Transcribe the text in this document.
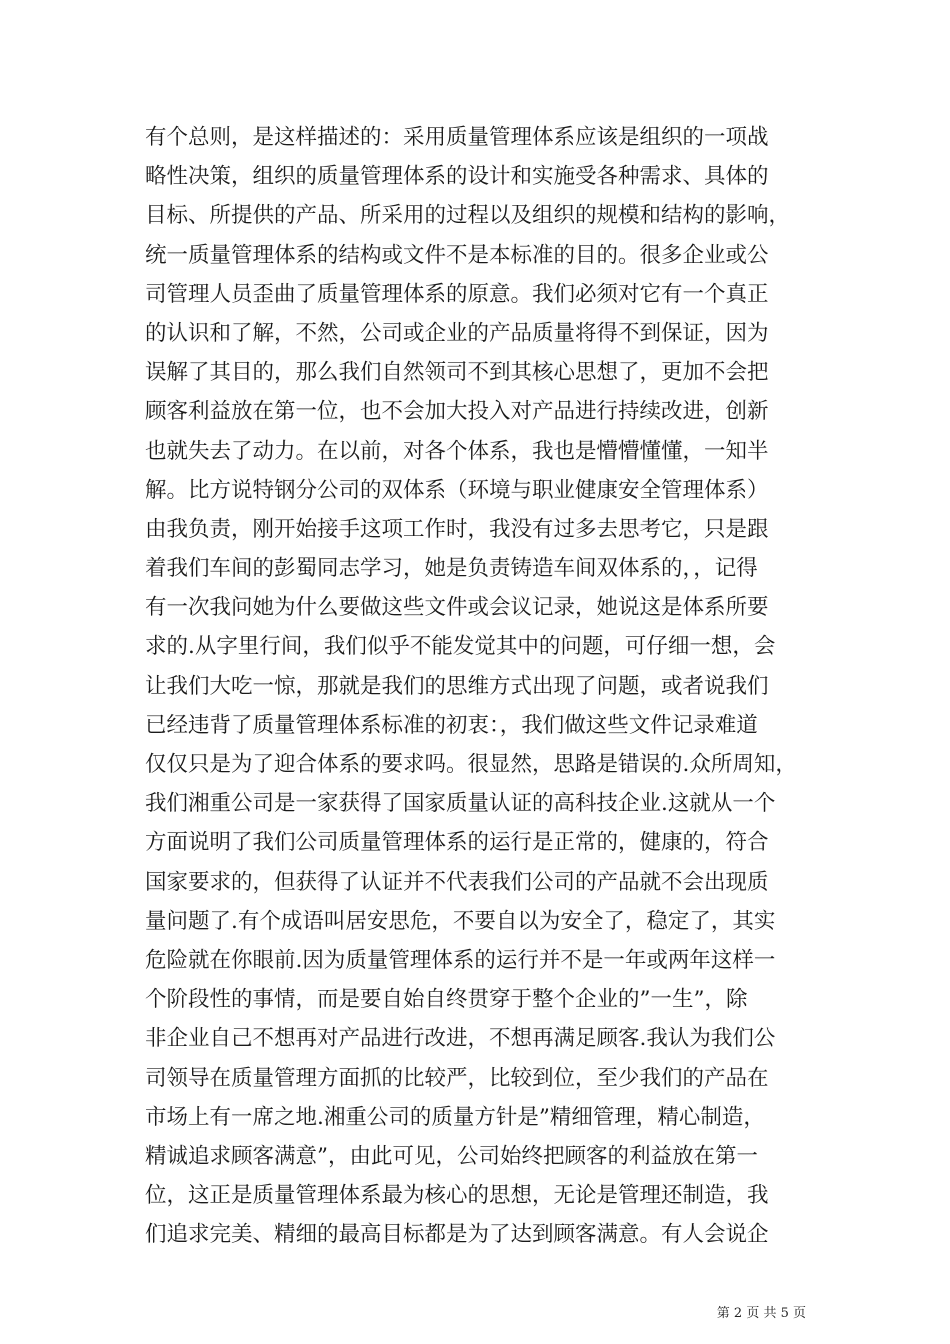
有个总则，是这样描述的：采用质量管理体系应该是组织的一项战
略性决策，组织的质量管理体系的设计和实施受各种需求、具体的
目标、所提供的产品、所采用的过程以及组织的规模和结构的影响，
统一质量管理体系的结构或文件不是本标准的目的。很多企业或公
司管理人员歪曲了质量管理体系的原意。我们必须对它有一个真正
的认识和了解，不然，公司或企业的产品质量将得不到保证，因为
误解了其目的，那么我们自然领司不到其核心思想了，更加不会把
顾客利益放在第一位，也不会加大投入对产品进行持续改进，创新
也就失去了动力。在以前，对各个体系，我也是懵懵懂懂，一知半
解。比方说特钢分公司的双体系（环境与职业健康安全管理体系）
由我负责，刚开始接手这项工作时，我没有过多去思考它，只是跟
着我们车间的彭蜀同志学习，她是负责铸造车间双体系的，，记得
有一次我问她为什么要做这些文件或会议记录，她说这是体系所要
求的.从字里行间，我们似乎不能发觉其中的问题，可仔细一想，会
让我们大吃一惊，那就是我们的思维方式出现了问题，或者说我们
已经违背了质量管理体系标准的初衷：，我们做这些文件记录难道
仅仅只是为了迎合体系的要求吗。很显然，思路是错误的.众所周知，
我们湘重公司是一家获得了国家质量认证的高科技企业.这就从一个
方面说明了我们公司质量管理体系的运行是正常的，健康的，符合
国家要求的，但获得了认证并不代表我们公司的产品就不会出现质
量问题了.有个成语叫居安思危，不要自以为安全了，稳定了，其实
危险就在你眼前.因为质量管理体系的运行并不是一年或两年这样一
个阶段性的事情，而是要自始自终贯穿于整个企业的”一生”，除
非企业自己不想再对产品进行改进，不想再满足顾客.我认为我们公
司领导在质量管理方面抓的比较严，比较到位，至少我们的产品在
市场上有一席之地.湘重公司的质量方针是”精细管理，精心制造，
精诚追求顾客满意”，由此可见，公司始终把顾客的利益放在第一
位，这正是质量管理体系最为核心的思想，无论是管理还制造，我
们追求完美、精细的最高目标都是为了达到顾客满意。有人会说企
第 2 页 共 5 页
